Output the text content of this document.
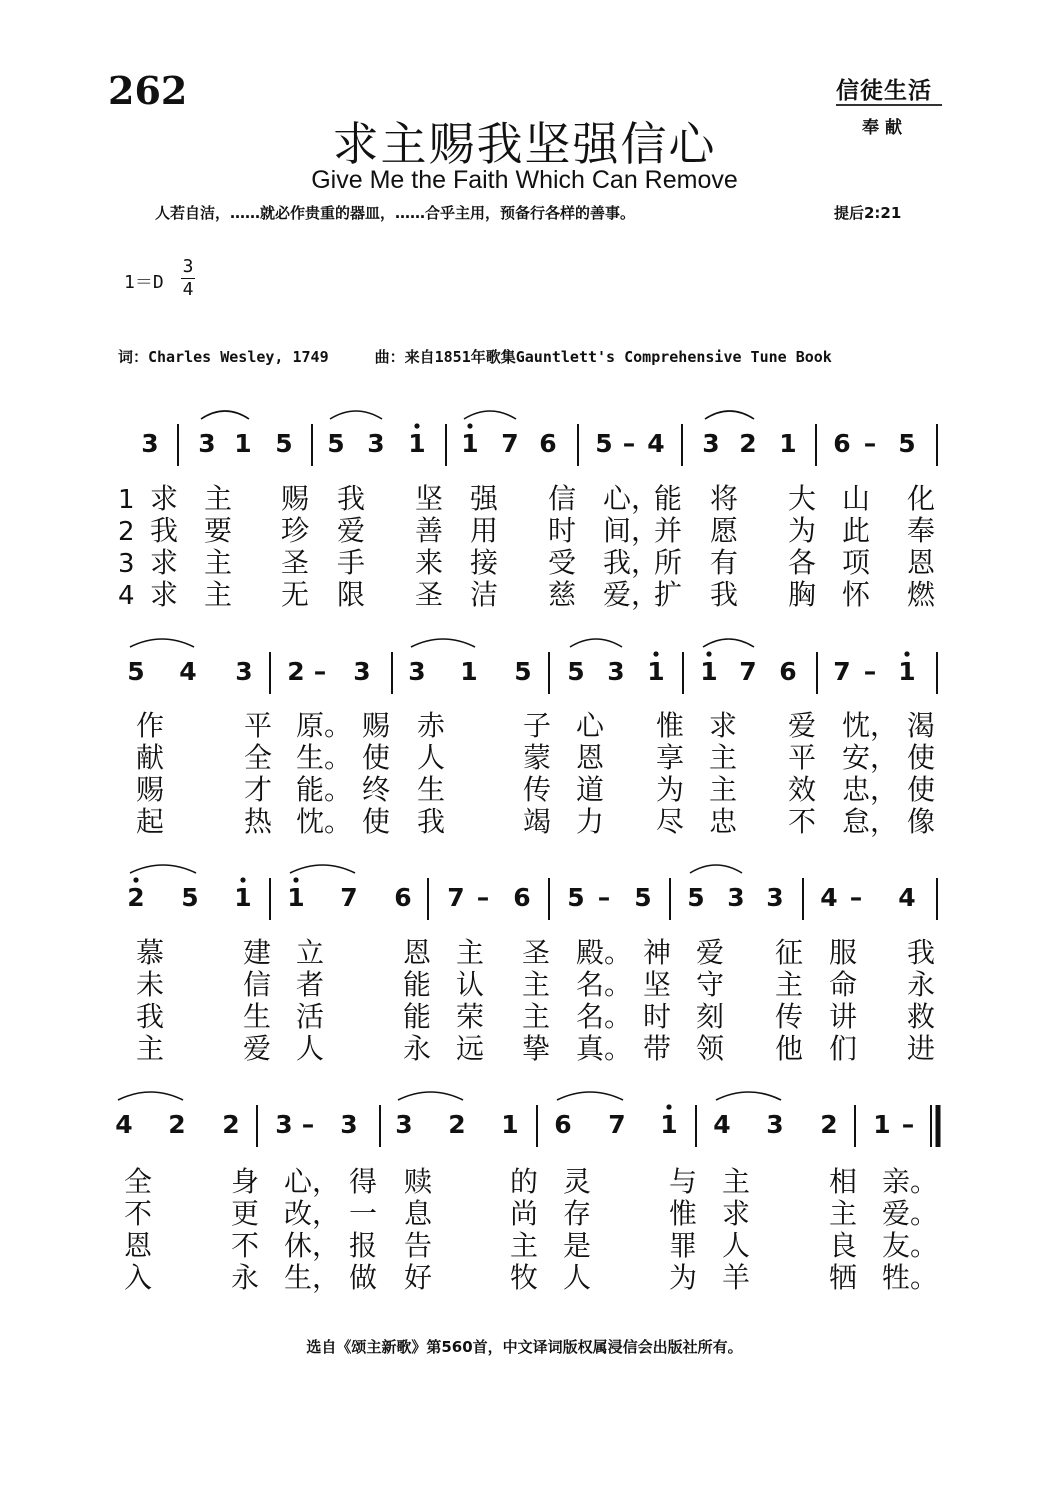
262	信徒生活
奉献
求主赐我坚强信心
Give Me the Faith Which Can Remove
人若自洁，……就必作贵重的器皿，……合乎主用，预备行各样的善事。	提后2:21
1＝D
3
4
词：Charles Wesley, 1749	曲：来自1851年歌集Gauntlett's Comprehensive Tune Book
3 3 1 5 5 3 1 1 7 6 5 – 4 3 2 1 6 – 5
1 求 主 赐 我 坚 强 信 心，
能 将 大 山 化
2 我 要 珍 爱 善 用 时 间，
并 愿 为 此 奉
3 求 主 圣 手 来 接 受 我，
所 有 各 项 恩
4 求 主 无 限 圣 洁 慈 爱，
扩 我 胸 怀 燃
5 4 3 2 – 3 3 1 5 5 3 1 1 7 6 7 – 1
作	平 原。 赐 赤	子 心 惟 求 爱 忱， 渴
献	全 生。 使 人	蒙 恩 享 主 平 安， 使
赐	才 能。 终 生	传 道 为 主 效 忠， 使
起	热 忱。 使 我	竭 力 尽 忠 不 怠， 像
2 5 1 1 7 6 7 – 6 5 – 5 5 3 3 4 – 4
慕	建 立	恩 主 圣 殿。 神 爱 征 服 我
未	信 者	能 认 主 名。 坚 守 主 命 永
我	生 活	能 荣 主 名。 时 刻 传 讲 救
主	爱 人	永 远 挚 真。 带 领 他 们 进
4 2 2 3 – 3 3 2 1 6 7 1 4 3 2 1 –
全	身 心， 得 赎	的 灵	与 主	相 亲。
不	更 改， 一 息	尚 存	惟 求	主 爱。
恩	不 休， 报 告	主 是	罪 人	良 友。
入	永 生， 做 好	牧 人	为 羊	牺 牲。
选自《颂主新歌》第560首，中文译词版权属浸信会出版社所有。
